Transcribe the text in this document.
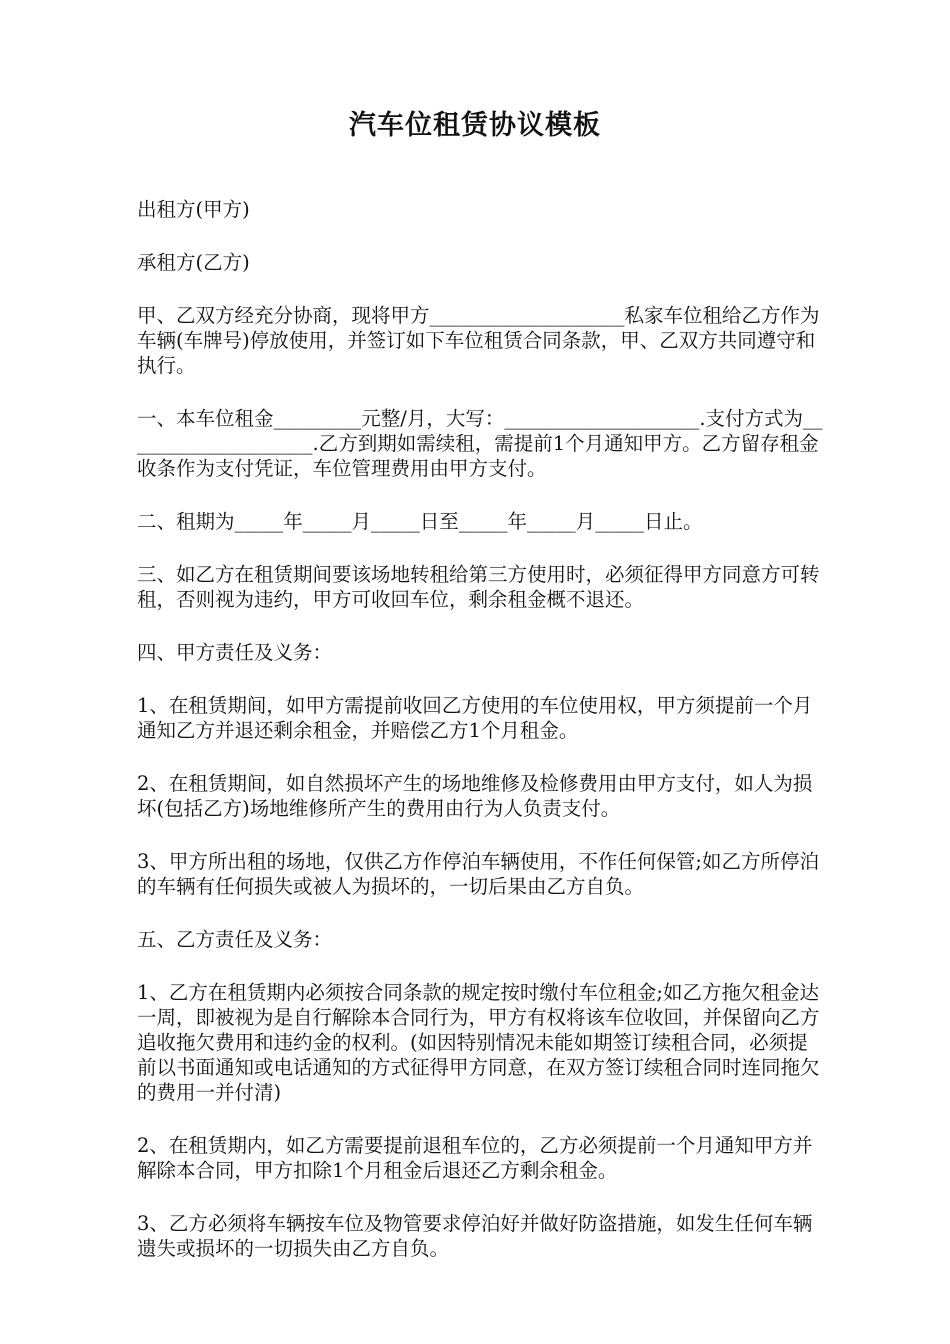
汽车位租赁协议模板

出租方(甲方)

承租方(乙方)

甲、乙双方经充分协商，现将甲方____________________私家车位租给乙方作为车辆(车牌号)停放使用，并签订如下车位租赁合同条款，甲、乙双方共同遵守和执行。

一、本车位租金_________元整/月，大写：____________________.支付方式为____________________.乙方到期如需续租，需提前1个月通知甲方。乙方留存租金收条作为支付凭证，车位管理费用由甲方支付。

二、租期为_____年_____月_____日至_____年_____月_____日止。

三、如乙方在租赁期间要该场地转租给第三方使用时，必须征得甲方同意方可转租，否则视为违约，甲方可收回车位，剩余租金概不退还。

四、甲方责任及义务：

1、在租赁期间，如甲方需提前收回乙方使用的车位使用权，甲方须提前一个月通知乙方并退还剩余租金，并赔偿乙方1个月租金。

2、在租赁期间，如自然损坏产生的场地维修及检修费用由甲方支付，如人为损坏(包括乙方)场地维修所产生的费用由行为人负责支付。

3、甲方所出租的场地，仅供乙方作停泊车辆使用，不作任何保管;如乙方所停泊的车辆有任何损失或被人为损坏的，一切后果由乙方自负。

五、乙方责任及义务：

1、乙方在租赁期内必须按合同条款的规定按时缴付车位租金;如乙方拖欠租金达一周，即被视为是自行解除本合同行为，甲方有权将该车位收回，并保留向乙方追收拖欠费用和违约金的权利。(如因特别情况未能如期签订续租合同，必须提前以书面通知或电话通知的方式征得甲方同意，在双方签订续租合同时连同拖欠的费用一并付清)

2、在租赁期内，如乙方需要提前退租车位的，乙方必须提前一个月通知甲方并解除本合同，甲方扣除1个月租金后退还乙方剩余租金。

3、乙方必须将车辆按车位及物管要求停泊好并做好防盗措施，如发生任何车辆遗失或损坏的一切损失由乙方自负。
